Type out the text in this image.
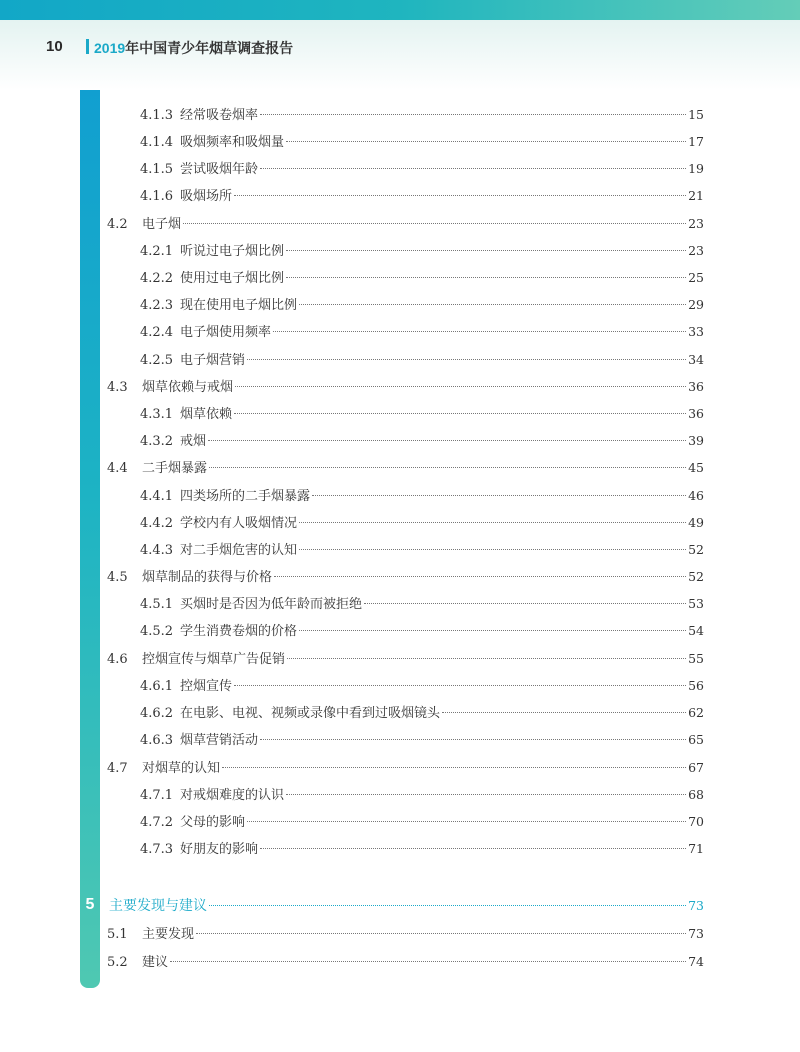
10 2019年中国青少年烟草调查报告
5
4.1.3 经常吸卷烟率	15
4.1.4 吸烟频率和吸烟量	17
4.1.5 尝试吸烟年龄	19
4.1.6 吸烟场所	21
4.2	电子烟	23
4.2.1 听说过电子烟比例	23
4.2.2 使用过电子烟比例	25
4.2.3 现在使用电子烟比例	29
4.2.4 电子烟使用频率	33
4.2.5 电子烟营销	34
4.3	烟草依赖与戒烟	36
4.3.1 烟草依赖	36
4.3.2 戒烟	39
4.4	二手烟暴露	45
4.4.1 四类场所的二手烟暴露	46
4.4.2 学校内有人吸烟情况	49
4.4.3 对二手烟危害的认知	52
4.5	烟草制品的获得与价格	52
4.5.1 买烟时是否因为低年龄而被拒绝	53
4.5.2 学生消费卷烟的价格	54
4.6	控烟宣传与烟草广告促销	55
4.6.1 控烟宣传	56
4.6.2 在电影、电视、视频或录像中看到过吸烟镜头	62
4.6.3 烟草营销活动	65
4.7	对烟草的认知	67
4.7.1 对戒烟难度的认识	68
4.7.2 父母的影响	70
4.7.3 好朋友的影响	71
主要发现与建议	73
5.1	主要发现	73
5.2	建议	74
